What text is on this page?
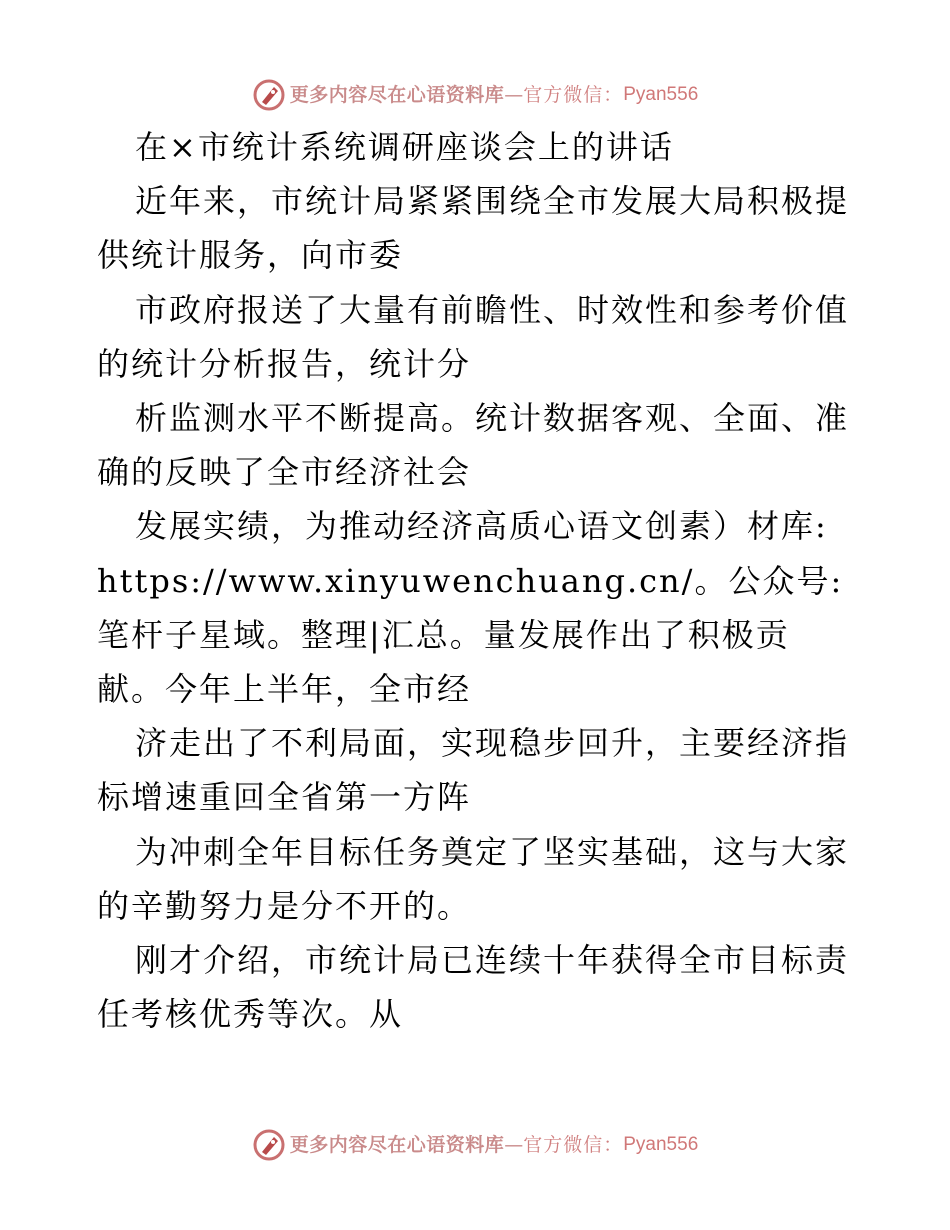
更多内容尽在心语资料库 — 官方微信： Pyan556

在×市统计系统调研座谈会上的讲话

近年来，市统计局紧紧围绕全市发展大局积极提供统计服务，向市委

市政府报送了大量有前瞻性、时效性和参考价值的统计分析报告，统计分

析监测水平不断提高。统计数据客观、全面、准确的反映了全市经济社会

发展实绩，为推动经济高质心语文创素）材库:

https://www.xinyuwenchuang.cn/。公众号: 笔杆子星域。整理|汇总。量发展作出了积极贡献。今年上半年，全市经

济走出了不利局面，实现稳步回升，主要经济指标增速重回全省第一方阵

为冲刺全年目标任务奠定了坚实基础，这与大家的辛勤努力是分不开的。

刚才介绍，市统计局已连续十年获得全市目标责任考核优秀等次。从

更多内容尽在心语资料库 — 官方微信： Pyan556
